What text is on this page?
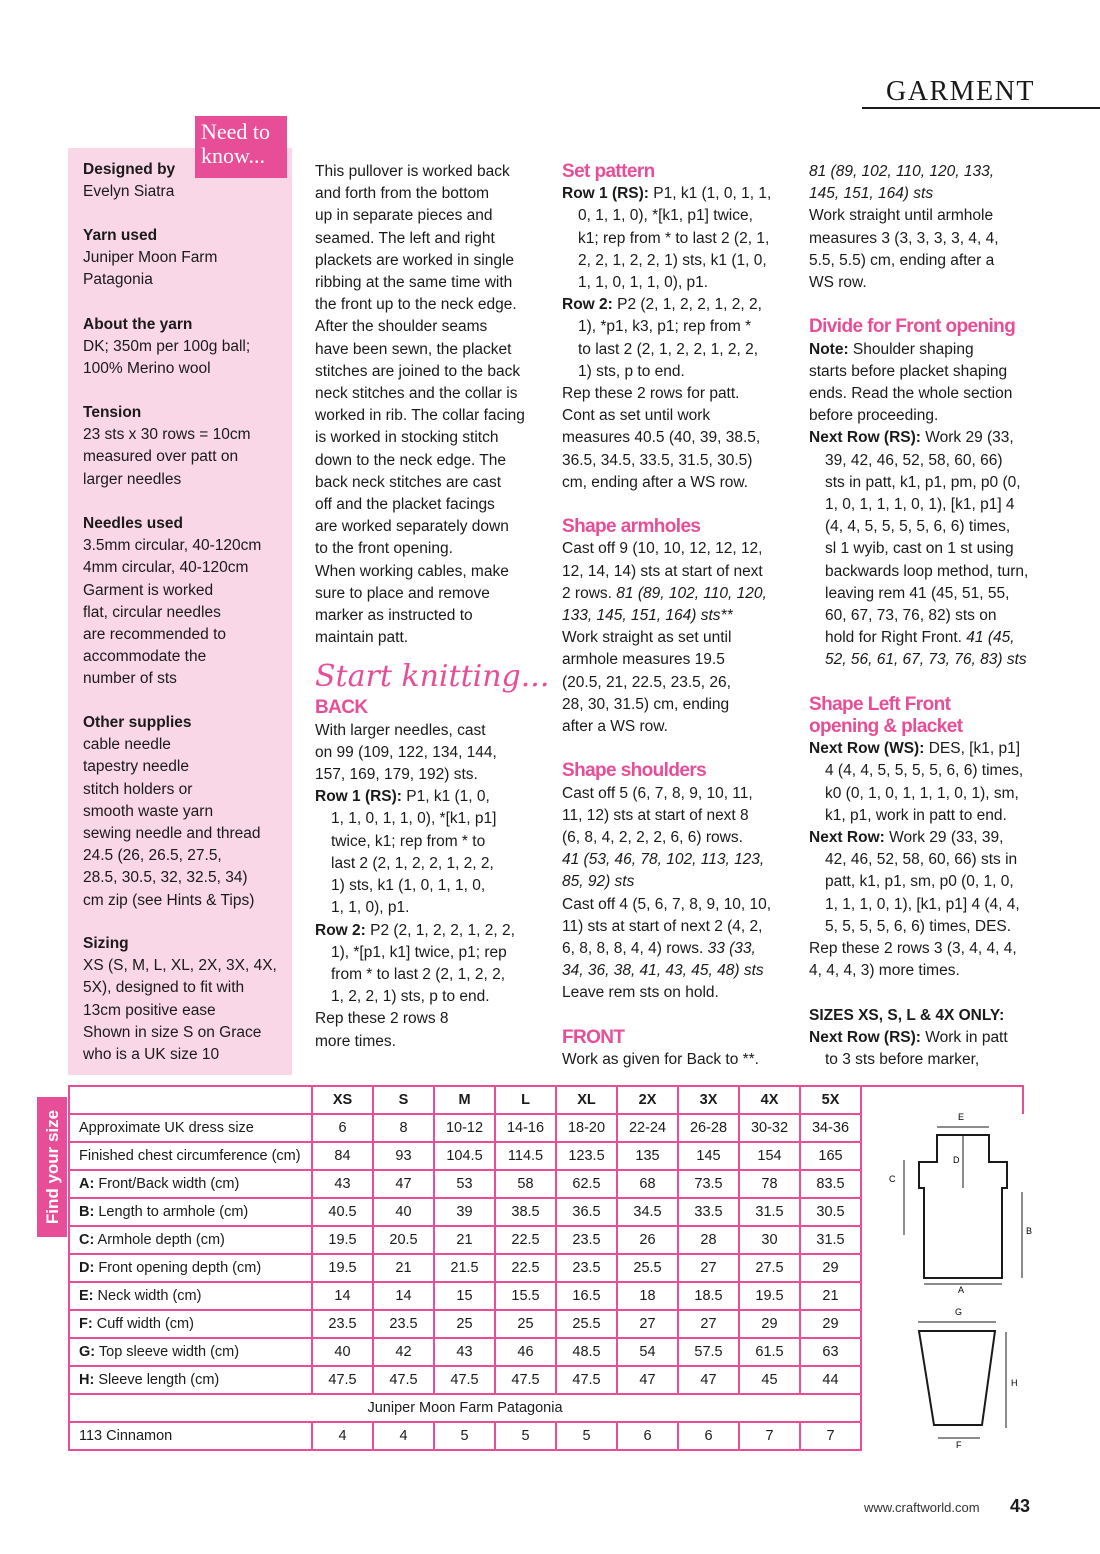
GARMENT
Need to
know...
Designed by
Evelyn Siatra
Yarn used
Juniper Moon Farm
Patagonia
About the yarn
DK; 350m per 100g ball;
100% Merino wool
Tension
23 sts x 30 rows = 10cm
measured over patt on
larger needles
Needles used
3.5mm circular, 40-120cm
4mm circular, 40-120cm
Garment is worked
flat, circular needles
are recommended to
accommodate the
number of sts
Other supplies
cable needle
tapestry needle
stitch holders or
smooth waste yarn
sewing needle and thread
24.5 (26, 26.5, 27.5,
28.5, 30.5, 32, 32.5, 34)
cm zip (see Hints & Tips)
Sizing
XS (S, M, L, XL, 2X, 3X, 4X,
5X), designed to fit with
13cm positive ease
Shown in size S on Grace
who is a UK size 10
This pullover is worked back
and forth from the bottom
up in separate pieces and
seamed. The left and right
plackets are worked in single
ribbing at the same time with
the front up to the neck edge.
After the shoulder seams
have been sewn, the placket
stitches are joined to the back
neck stitches and the collar is
worked in rib. The collar facing
is worked in stocking stitch
down to the neck edge. The
back neck stitches are cast
off and the placket facings
are worked separately down
to the front opening.
When working cables, make
sure to place and remove
marker as instructed to
maintain patt.
Start knitting...
BACK
With larger needles, cast
on 99 (109, 122, 134, 144,
157, 169, 179, 192) sts.
Row 1 (RS): P1, k1 (1, 0,
1, 1, 0, 1, 1, 0), *[k1, p1]
twice, k1; rep from * to
last 2 (2, 1, 2, 2, 1, 2, 2,
1) sts, k1 (1, 0, 1, 1, 0,
1, 1, 0), p1.
Row 2: P2 (2, 1, 2, 2, 1, 2, 2,
1), *[p1, k1] twice, p1; rep
from * to last 2 (2, 1, 2, 2,
1, 2, 2, 1) sts, p to end.
Rep these 2 rows 8
more times.
Set pattern
Row 1 (RS): P1, k1 (1, 0, 1, 1,
0, 1, 1, 0), *[k1, p1] twice,
k1; rep from * to last 2 (2, 1,
2, 2, 1, 2, 2, 1) sts, k1 (1, 0,
1, 1, 0, 1, 1, 0), p1.
Row 2: P2 (2, 1, 2, 2, 1, 2, 2,
1), *p1, k3, p1; rep from *
to last 2 (2, 1, 2, 2, 1, 2, 2,
1) sts, p to end.
Rep these 2 rows for patt.
Cont as set until work
measures 40.5 (40, 39, 38.5,
36.5, 34.5, 33.5, 31.5, 30.5)
cm, ending after a WS row.
Shape armholes
Cast off 9 (10, 10, 12, 12, 12,
12, 14, 14) sts at start of next
2 rows. 81 (89, 102, 110, 120,
133, 145, 151, 164) sts**
Work straight as set until
armhole measures 19.5
(20.5, 21, 22.5, 23.5, 26,
28, 30, 31.5) cm, ending
after a WS row.
Shape shoulders
Cast off 5 (6, 7, 8, 9, 10, 11,
11, 12) sts at start of next 8
(6, 8, 4, 2, 2, 2, 6, 6) rows.
41 (53, 46, 78, 102, 113, 123,
85, 92) sts
Cast off 4 (5, 6, 7, 8, 9, 10, 10,
11) sts at start of next 2 (4, 2,
6, 8, 8, 8, 4, 4) rows. 33 (33,
34, 36, 38, 41, 43, 45, 48) sts
Leave rem sts on hold.
FRONT
Work as given for Back to **.
81 (89, 102, 110, 120, 133,
145, 151, 164) sts
Work straight until armhole
measures 3 (3, 3, 3, 3, 4, 4,
5.5, 5.5) cm, ending after a
WS row.
Divide for Front opening
Note: Shoulder shaping
starts before placket shaping
ends. Read the whole section
before proceeding.
Next Row (RS): Work 29 (33,
39, 42, 46, 52, 58, 60, 66)
sts in patt, k1, p1, pm, p0 (0,
1, 0, 1, 1, 1, 0, 1), [k1, p1] 4
(4, 4, 5, 5, 5, 5, 6, 6) times,
sl 1 wyib, cast on 1 st using
backwards loop method, turn,
leaving rem 41 (45, 51, 55,
60, 67, 73, 76, 82) sts on
hold for Right Front. 41 (45,
52, 56, 61, 67, 73, 76, 83) sts
Shape Left Front
opening & placket
Next Row (WS): DES, [k1, p1]
4 (4, 4, 5, 5, 5, 5, 6, 6) times,
k0 (0, 1, 0, 1, 1, 1, 0, 1), sm,
k1, p1, work in patt to end.
Next Row: Work 29 (33, 39,
42, 46, 52, 58, 60, 66) sts in
patt, k1, p1, sm, p0 (0, 1, 0,
1, 1, 1, 0, 1), [k1, p1] 4 (4, 4,
5, 5, 5, 5, 6, 6) times, DES.
Rep these 2 rows 3 (3, 4, 4, 4,
4, 4, 4, 3) more times.
SIZES XS, S, L & 4X ONLY:
Next Row (RS): Work in patt
to 3 sts before marker,
Find your size
	XS	S	M	L	XL	2X	3X	4X	5X	
Approximate UK dress size	6	8	10-12	14-16	18-20	22-24	26-28	30-32	34-36	
Finished chest circumference (cm)	84	93	104.5	114.5	123.5	135	145	154	165	
A: Front/Back width (cm)	43	47	53	58	62.5	68	73.5	78	83.5	
B: Length to armhole (cm)	40.5	40	39	38.5	36.5	34.5	33.5	31.5	30.5	
C: Armhole depth (cm)	19.5	20.5	21	22.5	23.5	26	28	30	31.5	
D: Front opening depth (cm)	19.5	21	21.5	22.5	23.5	25.5	27	27.5	29	
E: Neck width (cm)	14	14	15	15.5	16.5	18	18.5	19.5	21	
F: Cuff width (cm)	23.5	23.5	25	25	25.5	27	27	29	29	
G: Top sleeve width (cm)	40	42	43	46	48.5	54	57.5	61.5	63	
H: Sleeve length (cm)	47.5	47.5	47.5	47.5	47.5	47	47	45	44	
Juniper Moon Farm Patagonia										
113 Cinnamon	4	4	5	5	5	6	6	7	7	
E
D
C
B
A
G
H
F
www.craftworld.com 43
